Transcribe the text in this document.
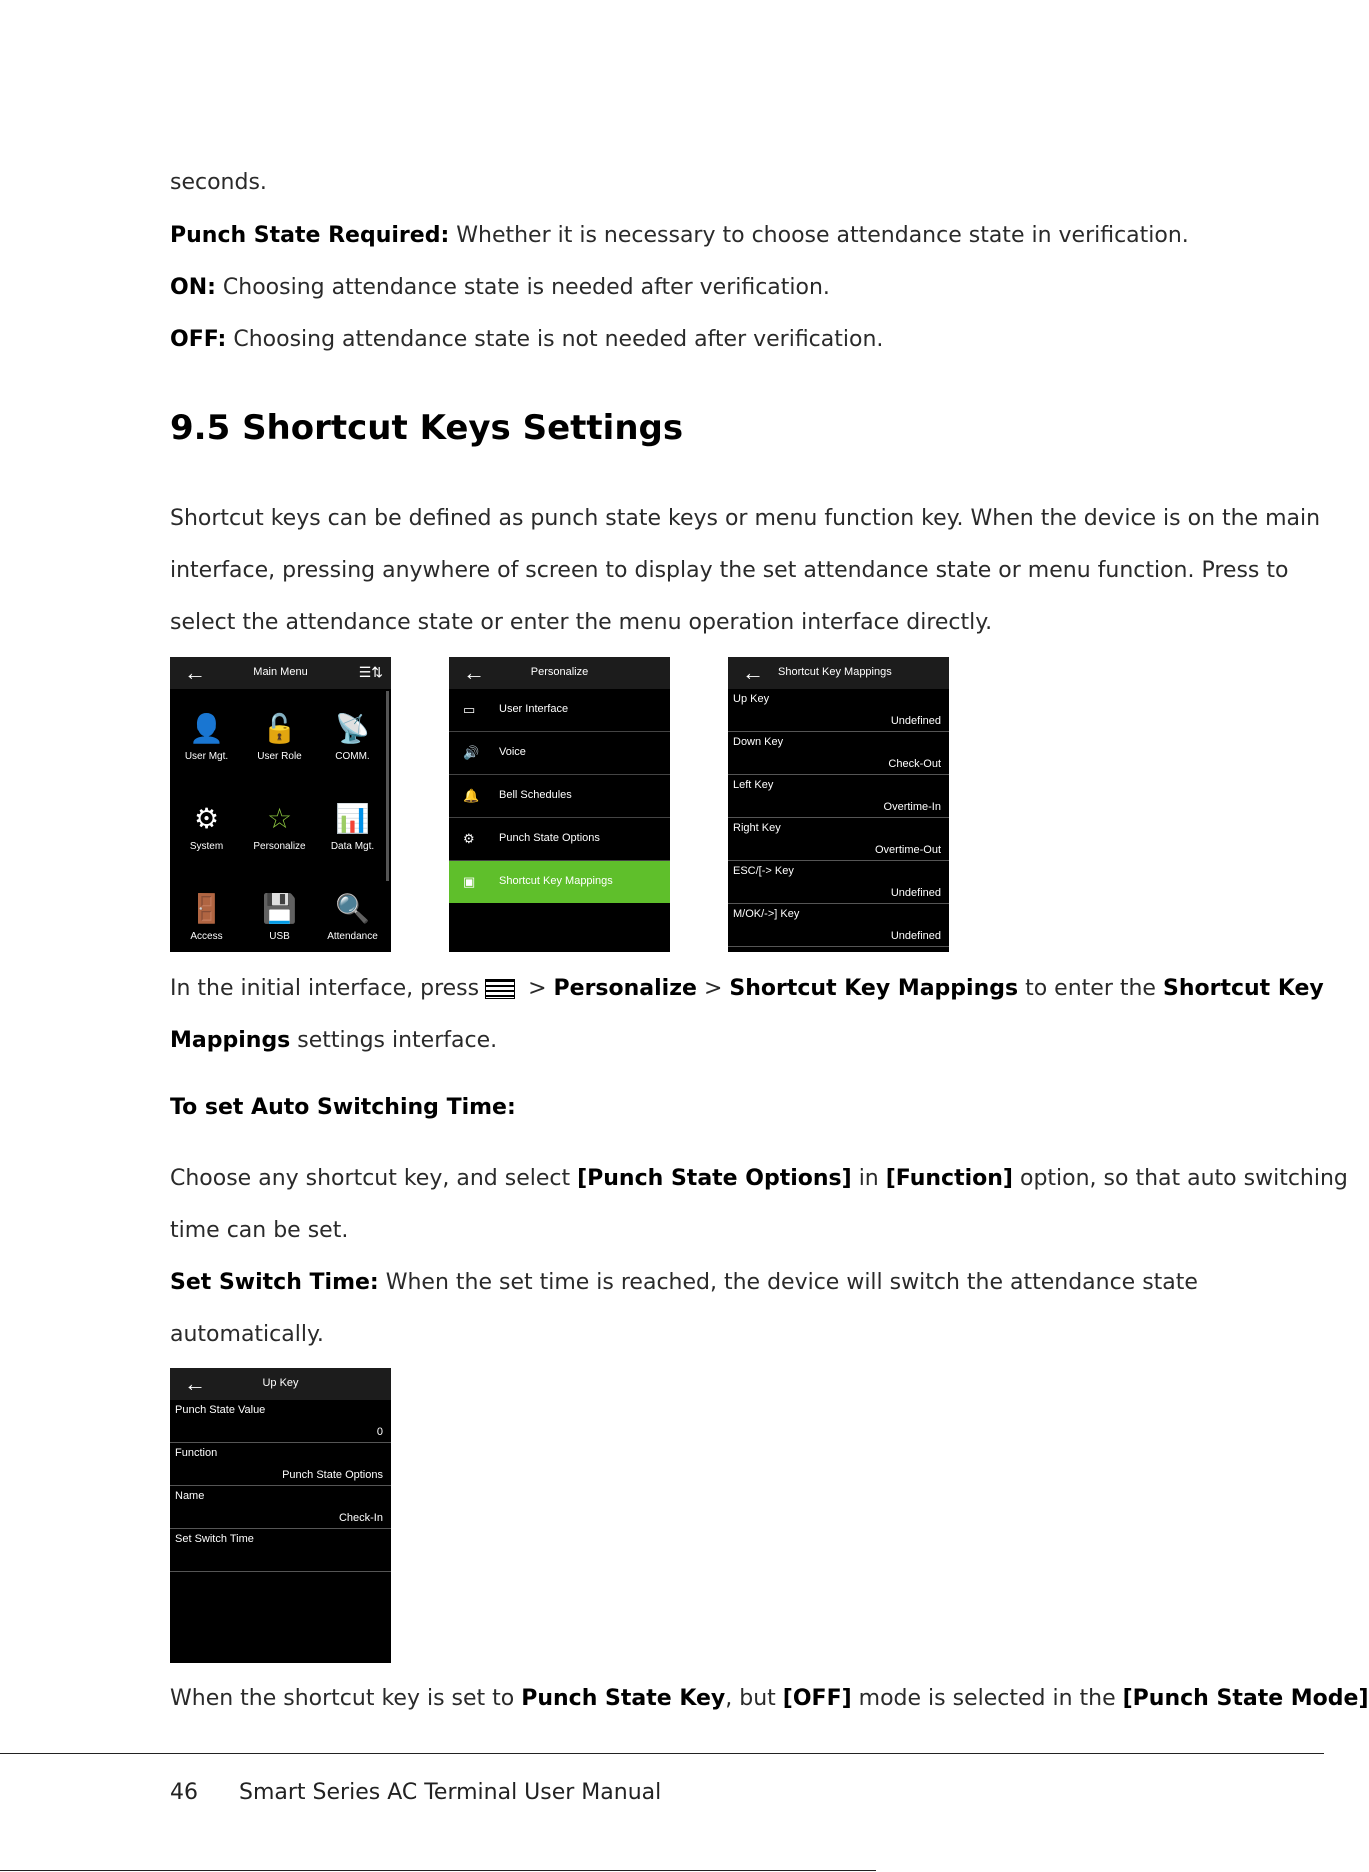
seconds.
Punch State Required: Whether it is necessary to choose attendance state in verification.
ON: Choosing attendance state is needed after verification.
OFF: Choosing attendance state is not needed after verification.
9.5 Shortcut Keys Settings
Shortcut keys can be defined as punch state keys or menu function key. When the device is on the main
interface, pressing anywhere of screen to display the set attendance state or menu function. Press to
select the attendance state or enter the menu operation interface directly.
←	Main Menu	☰⇅
👤
User Mgt.
🔓
User Role
📡
COMM.
⚙
System
☆
Personalize
📊
Data Mgt.
🚪
Access
💾
USB
🔍
Attendance
←	Personalize
▭ User Interface
🔊 Voice
🔔 Bell Schedules
⚙ Punch State Options
▣ Shortcut Key Mappings
← Shortcut Key Mappings
Up Key
Undefined
Down Key
Check-Out
Left Key
Overtime-In
Right Key
Overtime-Out
ESC/[-> Key
Undefined
M/OK/->] Key
Undefined
In the initial interface, press > Personalize > Shortcut Key Mappings to enter the Shortcut Key
Mappings settings interface.
To set Auto Switching Time:
Choose any shortcut key, and select [Punch State Options] in [Function] option, so that auto switching
time can be set.
Set Switch Time: When the set time is reached, the device will switch the attendance state
automatically.
←	Up Key
Punch State Value
0
Function
Punch State Options
Name
Check-In
Set Switch Time
When the shortcut key is set to Punch State Key, but [OFF] mode is selected in the [Punch State Mode]
46 Smart Series AC Terminal User Manual
